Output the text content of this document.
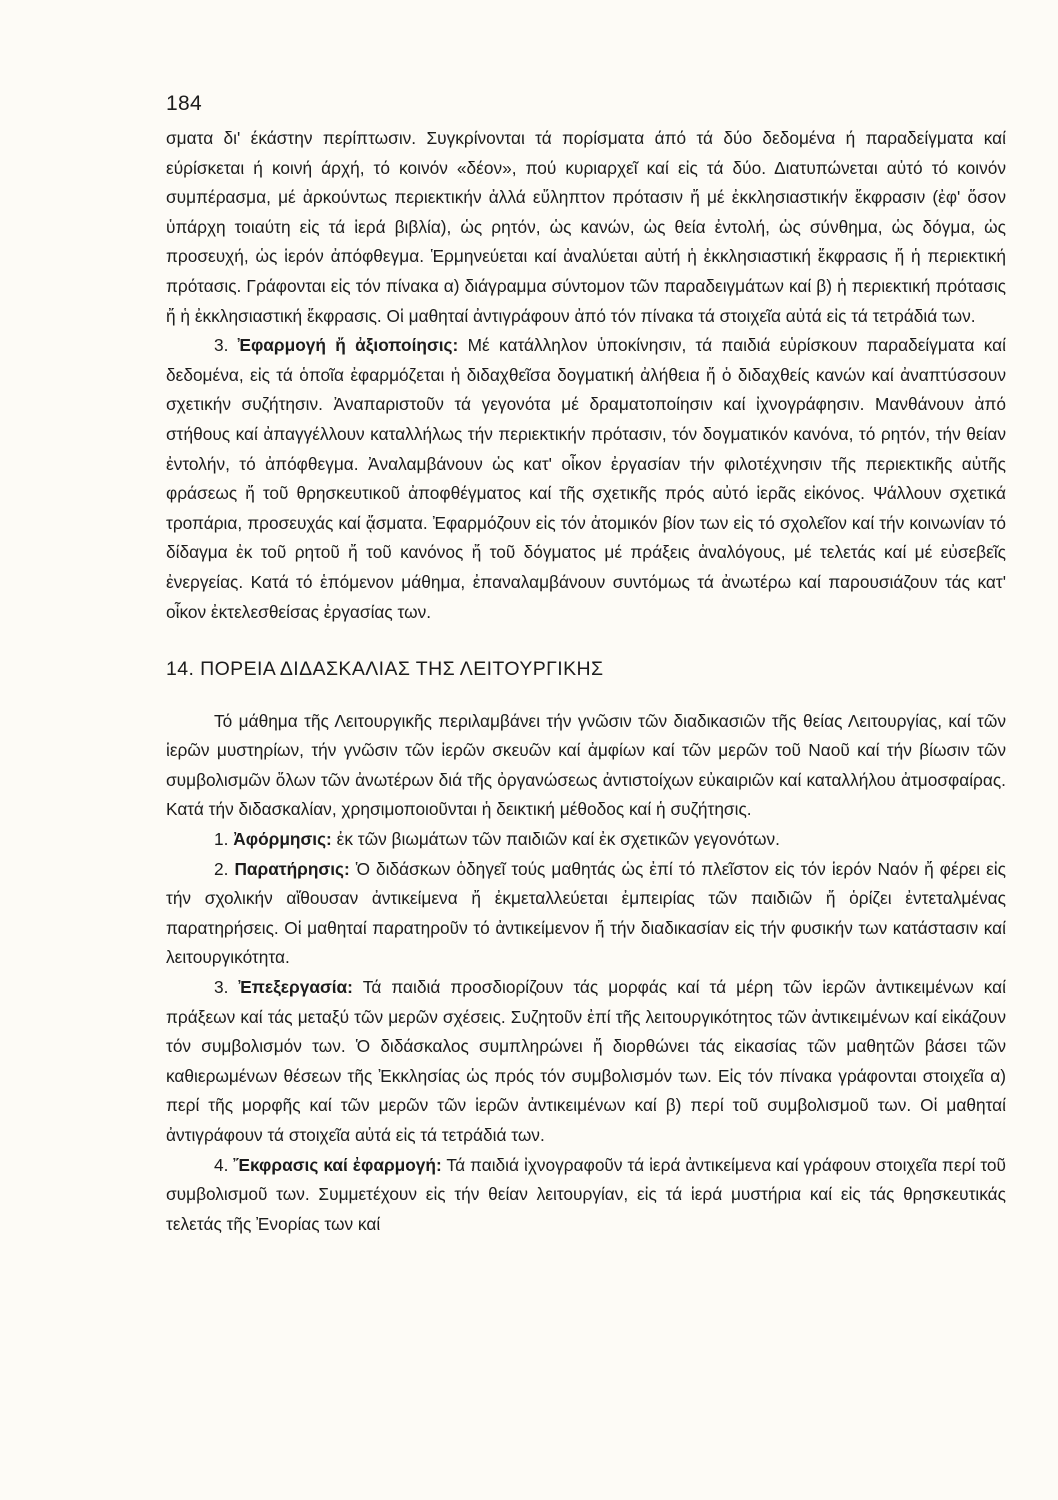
184

σματα δι' έκάστην περίπτωσιν. Συγκρίνονται τά πορίσματα άπό τά δύο δεδομένα ή παραδείγματα καί εύρίσκεται ή κοινή άρχή, τό κοινόν «δέον», πού κυριαρχεῖ καί εἰς τά δύο. Διατυπώνεται αὐτό τό κοινόν συμπέρασμα, μέ ἀρκούντως περιεκτικήν ἀλλά εὔληπτον πρότασιν ἤ μέ ἐκκλησιαστικήν ἔκφρασιν (ἐφ' ὅσον ὑπάρχη τοιαύτη εἰς τά ἱερά βιβλία), ὡς ρητόν, ὡς κανών, ὡς θεία ἐντολή, ὡς σύνθημα, ὡς δόγμα, ὡς προσευχή, ὡς ἱερόν ἀπόφθεγμα. Ἑρμηνεύεται καί ἀναλύεται αὐτή ἡ ἐκκλησιαστική ἔκφρασις ἤ ἡ περιεκτική πρότασις. Γράφονται εἰς τόν πίνακα α) διάγραμμα σύντομον τῶν παραδειγμάτων καί β) ἡ περιεκτική πρότασις ἤ ἡ ἐκκλησιαστική ἔκφρασις. Οἱ μαθηταί ἀντιγράφουν ἀπό τόν πίνακα τά στοιχεῖα αὐτά εἰς τά τετράδιά των.

3. Ἐφαρμογή ἤ ἀξιοποίησις: Μέ κατάλληλον ὑποκίνησιν, τά παιδιά εὑρίσκουν παραδείγματα καί δεδομένα, εἰς τά ὁποῖα ἐφαρμόζεται ἡ διδαχθεῖσα δογματική ἀλήθεια ἤ ὁ διδαχθείς κανών καί ἀναπτύσσουν σχετικήν συζήτησιν. Ἀναπαριστοῦν τά γεγονότα μέ δραματοποίησιν καί ἰχνογράφησιν. Μανθάνουν ἀπό στήθους καί ἀπαγγέλλουν καταλλήλως τήν περιεκτικήν πρότασιν, τόν δογματικόν κανόνα, τό ρητόν, τήν θείαν ἐντολήν, τό ἀπόφθεγμα. Ἀναλαμβάνουν ὡς κατ' οἶκον ἐργασίαν τήν φιλοτέχνησιν τῆς περιεκτικῆς αὐτῆς φράσεως ἤ τοῦ θρησκευτικοῦ ἀποφθέγματος καί τῆς σχετικῆς πρός αὐτό ἱερᾶς εἰκόνος. Ψάλλουν σχετικά τροπάρια, προσευχάς καί ᾄσματα. Ἐφαρμόζουν εἰς τόν ἀτομικόν βίον των εἰς τό σχολεῖον καί τήν κοινωνίαν τό δίδαγμα ἐκ τοῦ ρητοῦ ἤ τοῦ κανόνος ἤ τοῦ δόγματος μέ πράξεις ἀναλόγους, μέ τελετάς καί μέ εὐσεβεῖς ἐνεργείας. Κατά τό ἑπόμενον μάθημα, ἐπαναλαμβάνουν συντόμως τά ἀνωτέρω καί παρουσιάζουν τάς κατ' οἶκον ἐκτελεσθείσας ἐργασίας των.

14. ΠΟΡΕΙΑ ΔΙΔΑΣΚΑΛΙΑΣ ΤΗΣ ΛΕΙΤΟΥΡΓΙΚΗΣ

Τό μάθημα τῆς Λειτουργικῆς περιλαμβάνει τήν γνῶσιν τῶν διαδικασιῶν τῆς θείας Λειτουργίας, καί τῶν ἱερῶν μυστηρίων, τήν γνῶσιν τῶν ἱερῶν σκευῶν καί ἀμφίων καί τῶν μερῶν τοῦ Ναοῦ καί τήν βίωσιν τῶν συμβολισμῶν ὅλων τῶν ἀνωτέρων διά τῆς ὀργανώσεως ἀντιστοίχων εὐκαιριῶν καί καταλλήλου ἀτμοσφαίρας. Κατά τήν διδασκαλίαν, χρησιμοποιοῦνται ἡ δεικτική μέθοδος καί ἡ συζήτησις.

1. Ἀφόρμησις: ἐκ τῶν βιωμάτων τῶν παιδιῶν καί ἐκ σχετικῶν γεγονότων.

2. Παρατήρησις: Ὁ διδάσκων ὁδηγεῖ τούς μαθητάς ὡς ἐπί τό πλεῖστον εἰς τόν ἱερόν Ναόν ἤ φέρει εἰς τήν σχολικήν αἴθουσαν ἀντικείμενα ἤ ἐκμεταλλεύεται ἐμπειρίας τῶν παιδιῶν ἤ ὁρίζει ἐντεταλμένας παρατηρήσεις. Οἱ μαθηταί παρατηροῦν τό ἀντικείμενον ἤ τήν διαδικασίαν εἰς τήν φυσικήν των κατάστασιν καί λειτουργικότητα.

3. Ἐπεξεργασία: Τά παιδιά προσδιορίζουν τάς μορφάς καί τά μέρη τῶν ἱερῶν ἀντικειμένων καί πράξεων καί τάς μεταξύ τῶν μερῶν σχέσεις. Συζητοῦν ἐπί τῆς λειτουργικότητος τῶν ἀντικειμένων καί εἰκάζουν τόν συμβολισμόν των. Ὁ διδάσκαλος συμπληρώνει ἤ διορθώνει τάς εἰκασίας τῶν μαθητῶν βάσει τῶν καθιερωμένων θέσεων τῆς Ἐκκλησίας ὡς πρός τόν συμβολισμόν των. Εἰς τόν πίνακα γράφονται στοιχεῖα α) περί τῆς μορφῆς καί τῶν μερῶν τῶν ἱερῶν ἀντικειμένων καί β) περί τοῦ συμβολισμοῦ των. Οἱ μαθηταί ἀντιγράφουν τά στοιχεῖα αὐτά εἰς τά τετράδιά των.

4. Ἔκφρασις καί ἐφαρμογή: Τά παιδιά ἰχνογραφοῦν τά ἱερά ἀντικείμενα καί γράφουν στοιχεῖα περί τοῦ συμβολισμοῦ των. Συμμετέχουν εἰς τήν θείαν λειτουργίαν, εἰς τά ἱερά μυστήρια καί εἰς τάς θρησκευτικάς τελετάς τῆς Ἐνορίας των καί
